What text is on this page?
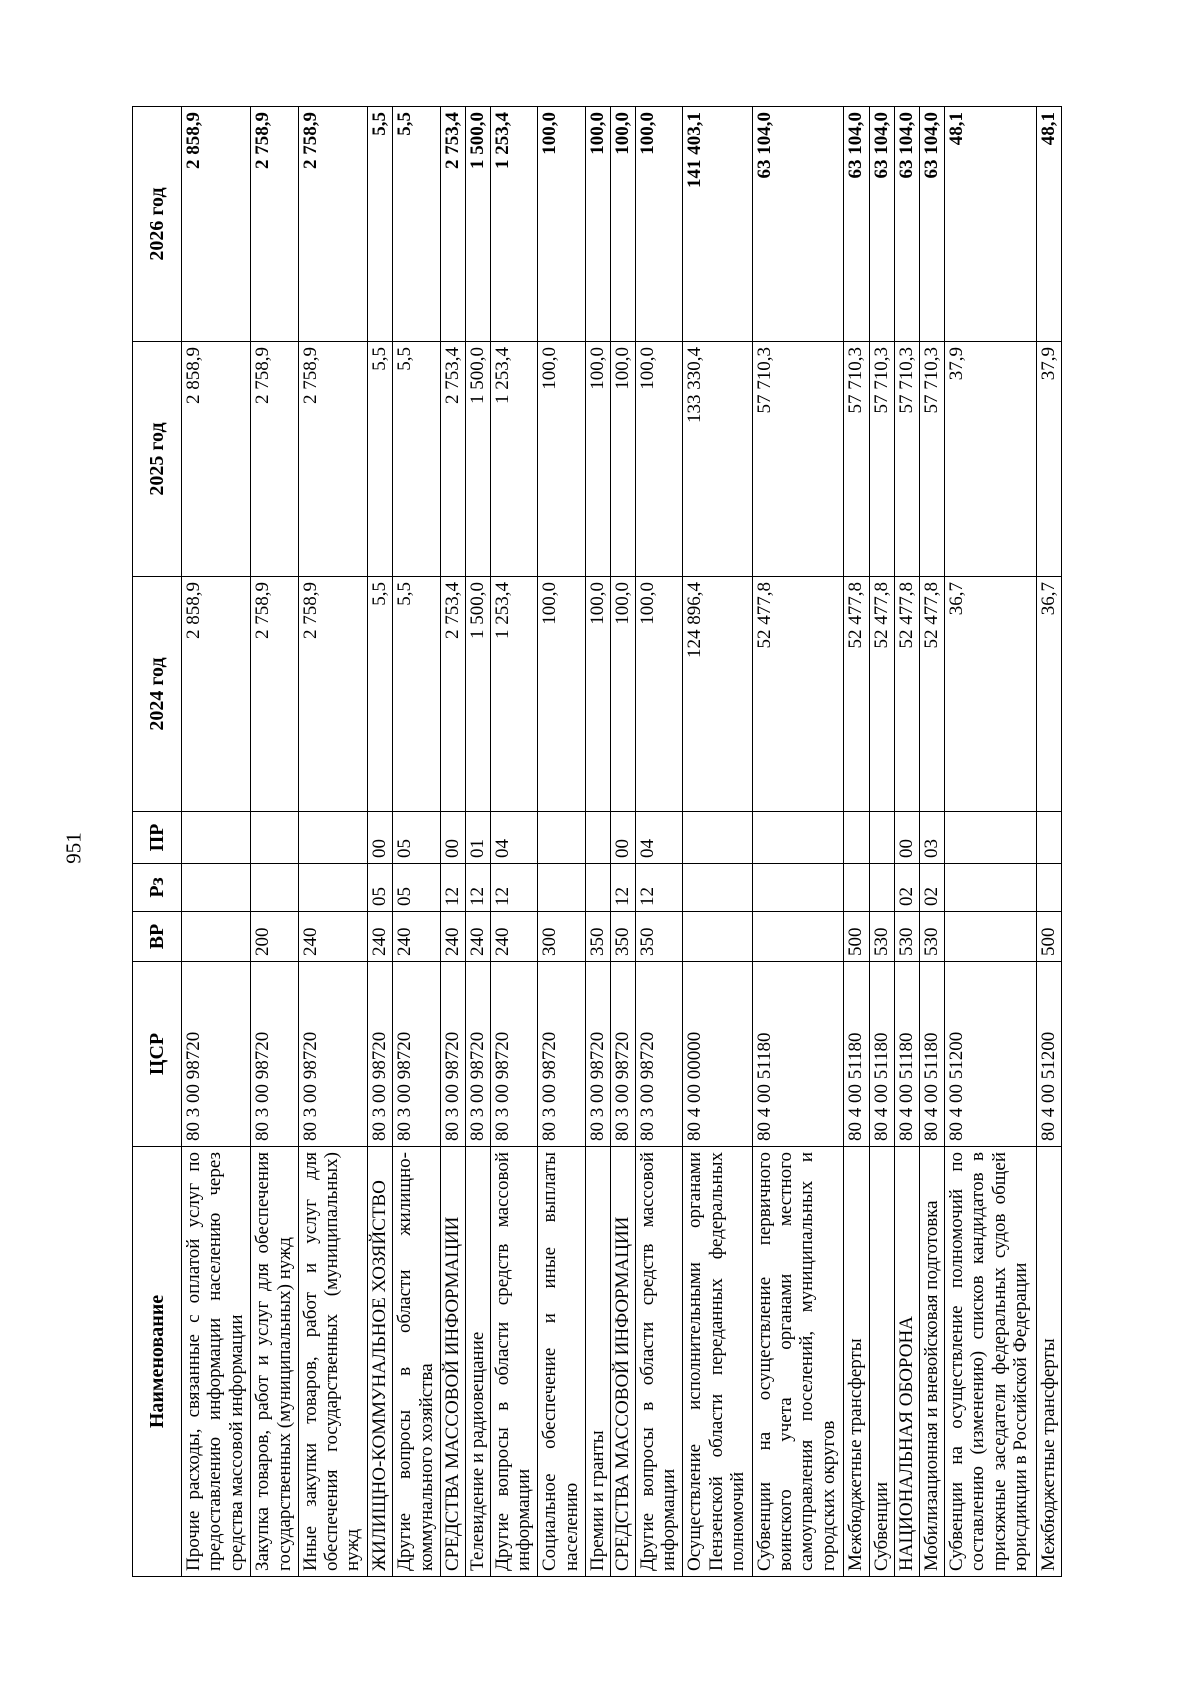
951
Наименование	ЦСР	ВР	Рз	ПР	2024 год	2025 год	2026 год
Прочие расходы, связанные с оплатой услуг по предоставлению информации населению через средства массовой информации	80 3 00 98720				2 858,9	2 858,9	2 858,9
Закупка товаров, работ и услуг для обеспечения государственных (муниципальных) нужд	80 3 00 98720	200			2 758,9	2 758,9	2 758,9
Иные закупки товаров, работ и услуг для обеспечения государственных (муниципальных) нужд	80 3 00 98720	240			2 758,9	2 758,9	2 758,9
ЖИЛИЩНО-КОММУНАЛЬНОЕ ХОЗЯЙСТВО	80 3 00 98720	240	05	00	5,5	5,5	5,5
Другие вопросы в области жилищно-коммунального хозяйства	80 3 00 98720	240	05	05	5,5	5,5	5,5
СРЕДСТВА МАССОВОЙ ИНФОРМАЦИИ	80 3 00 98720	240	12	00	2 753,4	2 753,4	2 753,4
Телевидение и радиовещание	80 3 00 98720	240	12	01	1 500,0	1 500,0	1 500,0
Другие вопросы в области средств массовой информации	80 3 00 98720	240	12	04	1 253,4	1 253,4	1 253,4
Социальное обеспечение и иные выплаты населению	80 3 00 98720	300			100,0	100,0	100,0
Премии и гранты	80 3 00 98720	350			100,0	100,0	100,0
СРЕДСТВА МАССОВОЙ ИНФОРМАЦИИ	80 3 00 98720	350	12	00	100,0	100,0	100,0
Другие вопросы в области средств массовой информации	80 3 00 98720	350	12	04	100,0	100,0	100,0
Осуществление исполнительными органами Пензенской области переданных федеральных полномочий	80 4 00 00000				124 896,4	133 330,4	141 403,1
Субвенции на осуществление первичного воинского учета органами местного самоуправления поселений, муниципальных и городских округов	80 4 00 51180				52 477,8	57 710,3	63 104,0
Межбюджетные трансферты	80 4 00 51180	500			52 477,8	57 710,3	63 104,0
Субвенции	80 4 00 51180	530			52 477,8	57 710,3	63 104,0
НАЦИОНАЛЬНАЯ ОБОРОНА	80 4 00 51180	530	02	00	52 477,8	57 710,3	63 104,0
Мобилизационная и вневойсковая подготовка	80 4 00 51180	530	02	03	52 477,8	57 710,3	63 104,0
Субвенции на осуществление полномочий по составлению (изменению) списков кандидатов в присяжные заседатели федеральных судов общей юрисдикции в Российской Федерации	80 4 00 51200				36,7	37,9	48,1
Межбюджетные трансферты	80 4 00 51200	500			36,7	37,9	48,1
